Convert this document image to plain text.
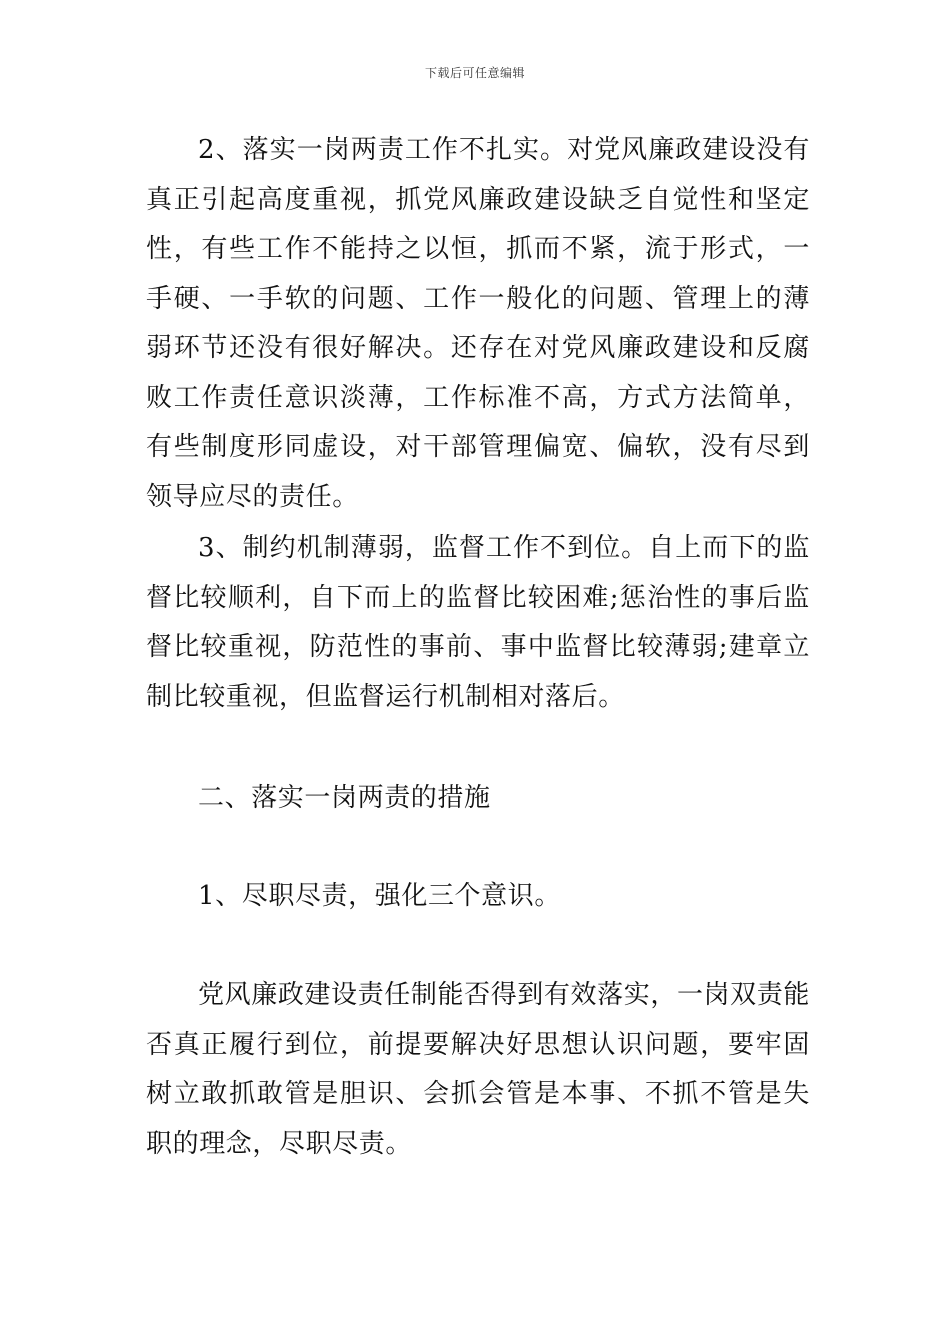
下载后可任意编辑

2、落实一岗两责工作不扎实。对党风廉政建设没有真正引起高度重视，抓党风廉政建设缺乏自觉性和坚定性，有些工作不能持之以恒，抓而不紧，流于形式，一手硬、一手软的问题、工作一般化的问题、管理上的薄弱环节还没有很好解决。还存在对党风廉政建设和反腐败工作责任意识淡薄，工作标准不高，方式方法简单，有些制度形同虚设，对干部管理偏宽、偏软，没有尽到领导应尽的责任。

3、制约机制薄弱，监督工作不到位。自上而下的监督比较顺利，自下而上的监督比较困难;惩治性的事后监督比较重视，防范性的事前、事中监督比较薄弱;建章立制比较重视，但监督运行机制相对落后。

二、落实一岗两责的措施

1、尽职尽责，强化三个意识。

党风廉政建设责任制能否得到有效落实，一岗双责能否真正履行到位，前提要解决好思想认识问题，要牢固树立敢抓敢管是胆识、会抓会管是本事、不抓不管是失职的理念，尽职尽责。
